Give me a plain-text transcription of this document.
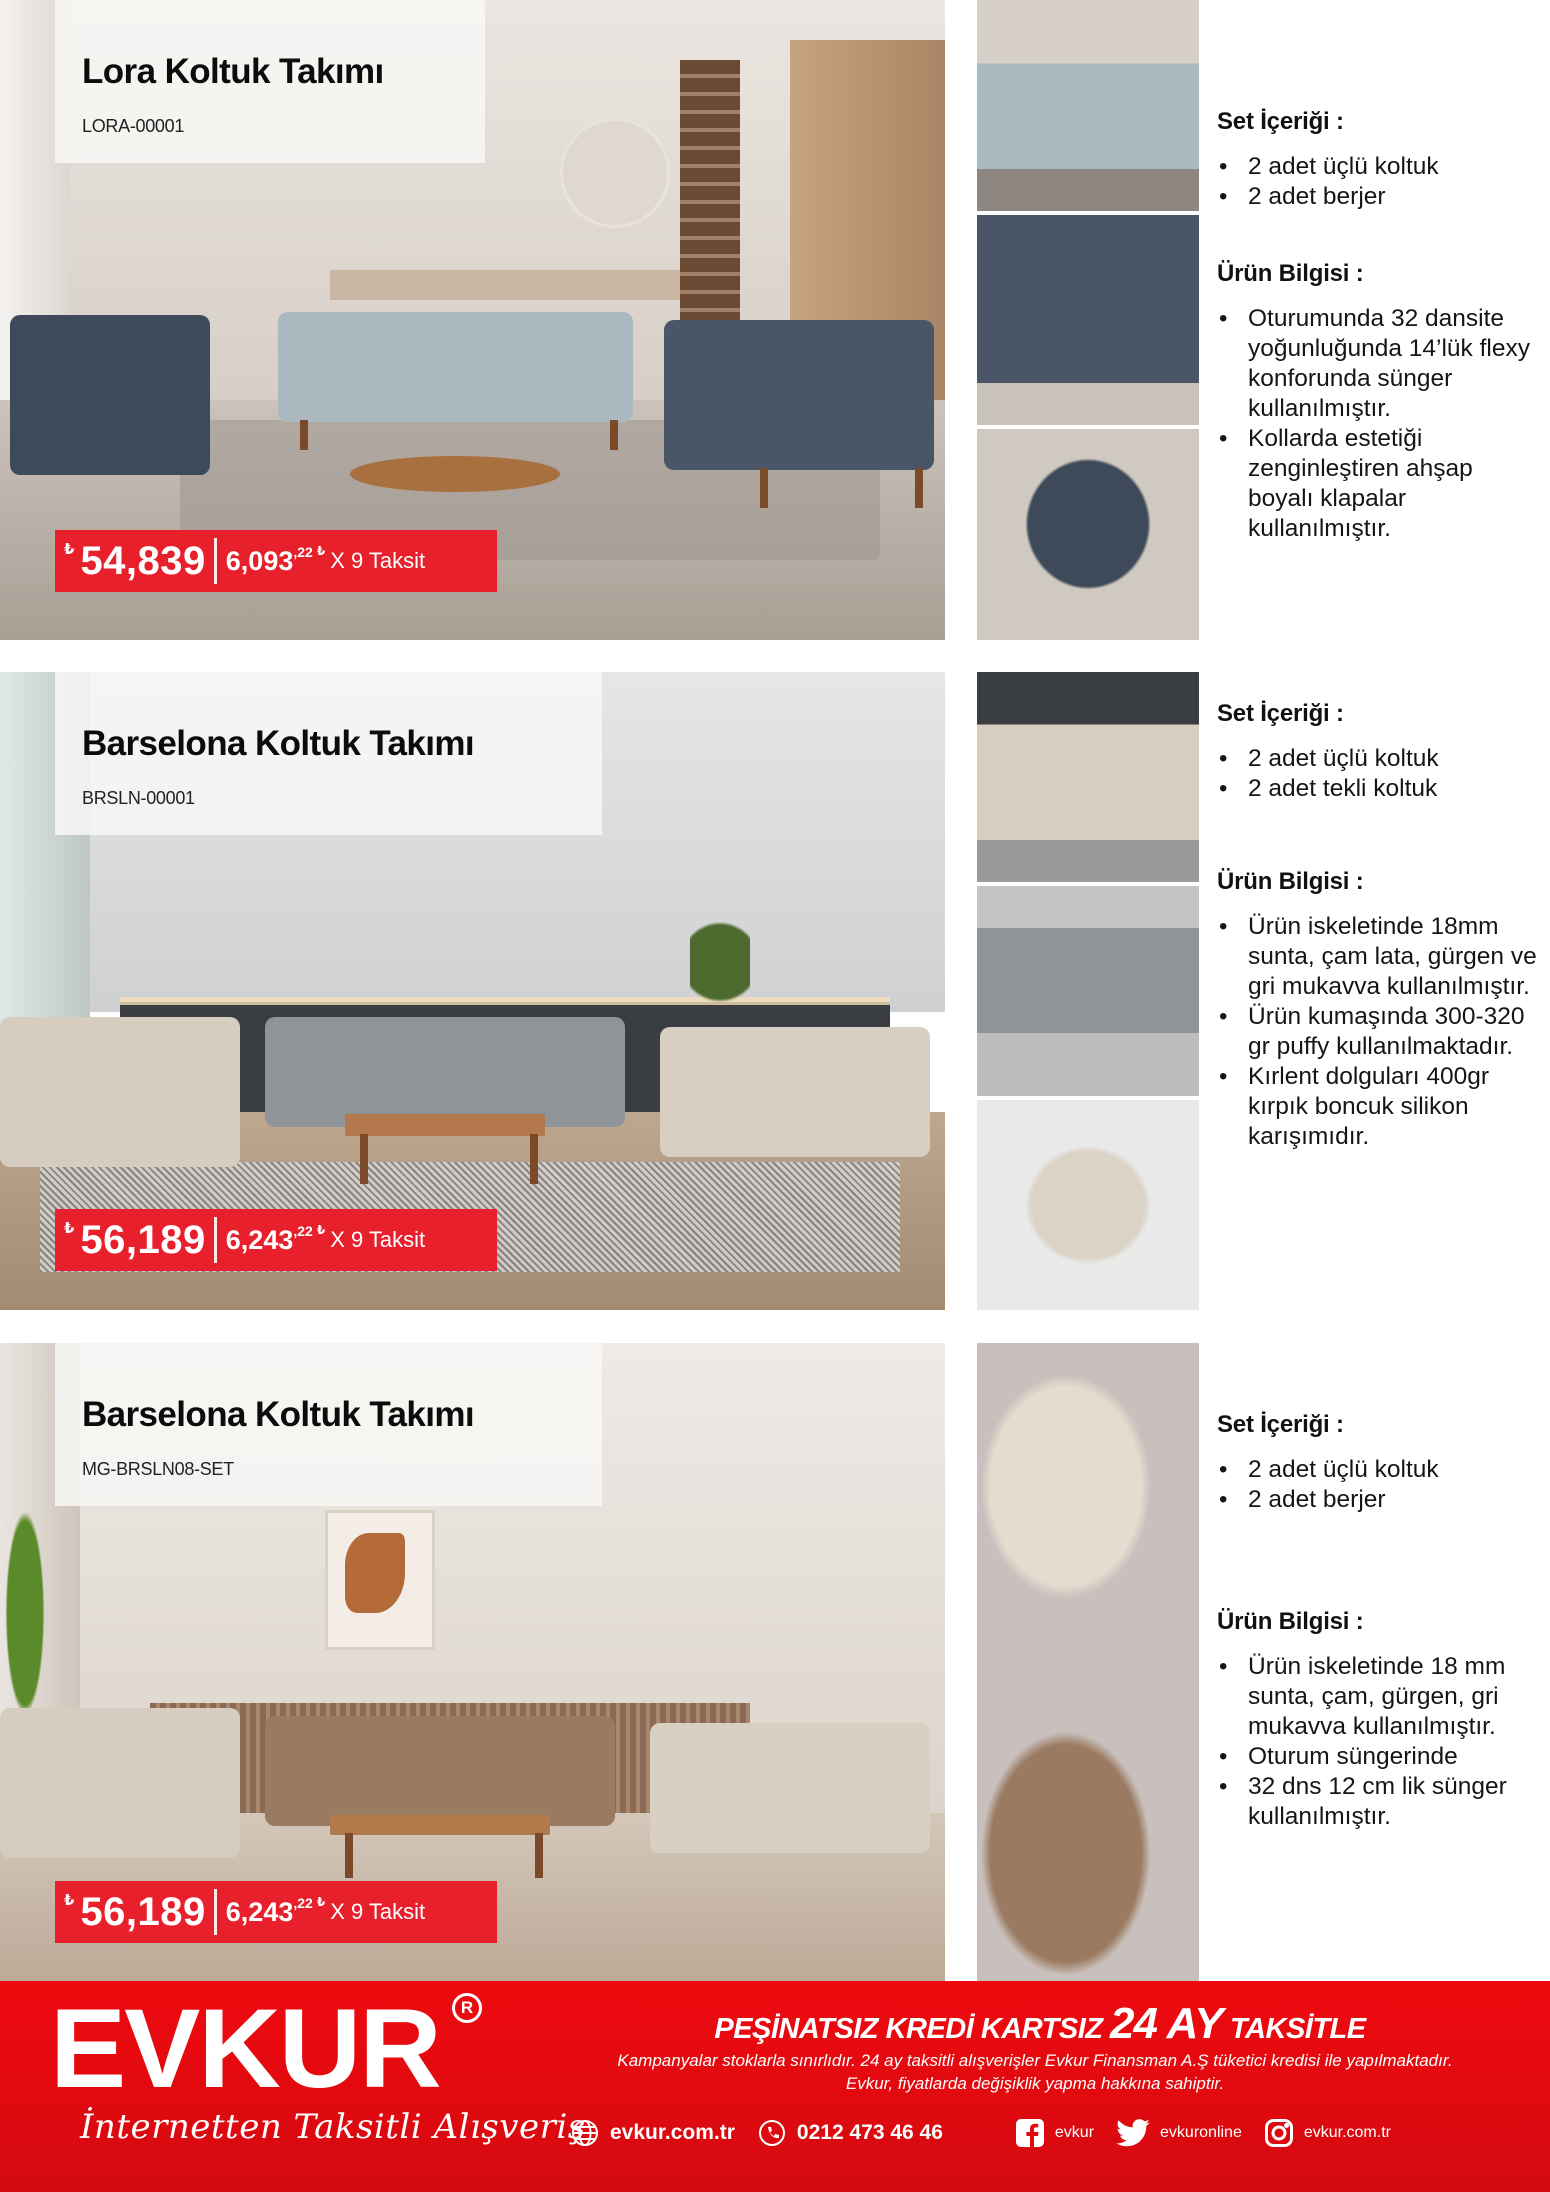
Lora Koltuk Takımı
LORA-00001
₺ 54,839 6,093 ,22 ₺ X 9 Taksit
Set İçeriği :
• 2 adet üçlü koltuk
• 2 adet berjer
Ürün Bilgisi :
• Oturumunda 32 dansite yoğunluğunda 14’lük flexy konforunda sünger kullanılmıştır.
• Kollarda estetiği zenginleştiren ahşap boyalı klapalar kullanılmıştır.
Barselona Koltuk Takımı
BRSLN-00001
₺ 56,189 6,243 ,22 ₺ X 9 Taksit
Set İçeriği :
• 2 adet üçlü koltuk
• 2 adet tekli koltuk
Ürün Bilgisi :
• Ürün iskeletinde 18mm sunta, çam lata, gürgen ve gri mukavva kullanılmıştır.
• Ürün kumaşında 300-320 gr puffy kullanılmaktadır.
• Kırlent dolguları 400gr kırpık boncuk silikon karışımıdır.
Barselona Koltuk Takımı
MG-BRSLN08-SET
₺ 56,189 6,243 ,22 ₺ X 9 Taksit
Set İçeriği :
• 2 adet üçlü koltuk
• 2 adet berjer
Ürün Bilgisi :
• Ürün iskeletinde 18 mm sunta, çam, gürgen, gri mukavva kullanılmıştır.
• Oturum süngerinde
• 32 dns 12 cm lik sünger kullanılmıştır.
EVKUR	R
İnternetten Taksitli Alışveriş
PEŞİNATSIZ KREDİ KARTSIZ 24 AY TAKSİTLE
Kampanyalar stoklarla sınırlıdır. 24 ay taksitli alışverişler Evkur Finansman A.Ş tüketici kredisi ile yapılmaktadır.
Evkur, fiyatlarda değişiklik yapma hakkına sahiptir.
evkur.com.tr	0212 473 46 46	evkur	evkuronline	evkur.com.tr
